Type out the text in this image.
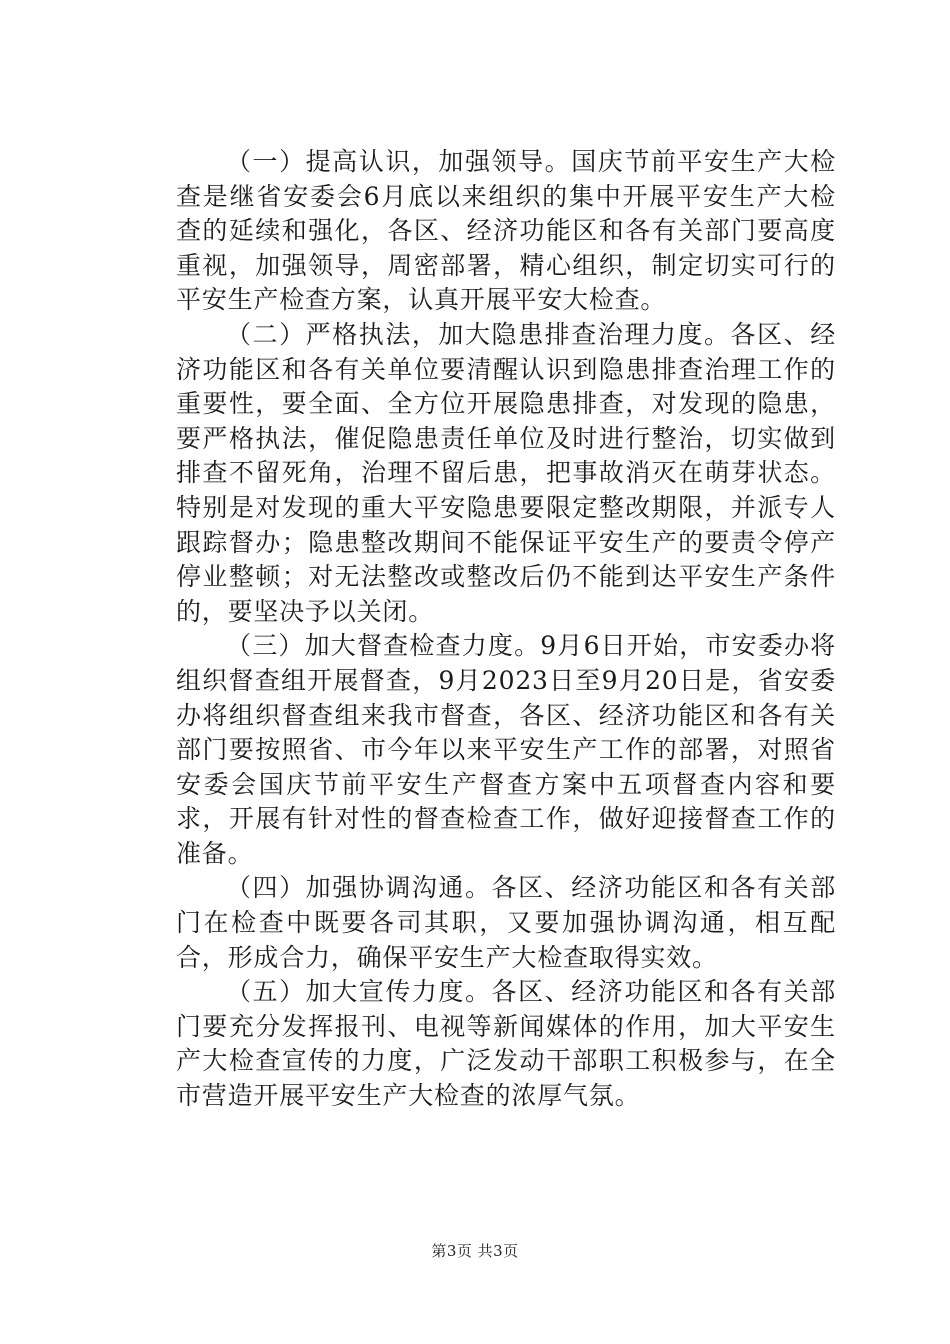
（一）提高认识，加强领导。国庆节前平安生产大检查是继省安委会6月底以来组织的集中开展平安生产大检查的延续和强化，各区、经济功能区和各有关部门要高度重视，加强领导，周密部署，精心组织，制定切实可行的平安生产检查方案，认真开展平安大检查。

（二）严格执法，加大隐患排查治理力度。各区、经济功能区和各有关单位要清醒认识到隐患排查治理工作的重要性，要全面、全方位开展隐患排查，对发现的隐患，要严格执法，催促隐患责任单位及时进行整治，切实做到排查不留死角，治理不留后患，把事故消灭在萌芽状态。特别是对发现的重大平安隐患要限定整改期限，并派专人跟踪督办；隐患整改期间不能保证平安生产的要责令停产停业整顿；对无法整改或整改后仍不能到达平安生产条件的，要坚决予以关闭。

（三）加大督查检查力度。9月6日开始，市安委办将组织督查组开展督查，9月2023日至9月20日是，省安委办将组织督查组来我市督查，各区、经济功能区和各有关部门要按照省、市今年以来平安生产工作的部署，对照省安委会国庆节前平安生产督查方案中五项督查内容和要求，开展有针对性的督查检查工作，做好迎接督查工作的准备。

（四）加强协调沟通。各区、经济功能区和各有关部门在检查中既要各司其职，又要加强协调沟通，相互配合，形成合力，确保平安生产大检查取得实效。

（五）加大宣传力度。各区、经济功能区和各有关部门要充分发挥报刊、电视等新闻媒体的作用，加大平安生产大检查宣传的力度，广泛发动干部职工积极参与，在全市营造开展平安生产大检查的浓厚气氛。

第3页 共3页
